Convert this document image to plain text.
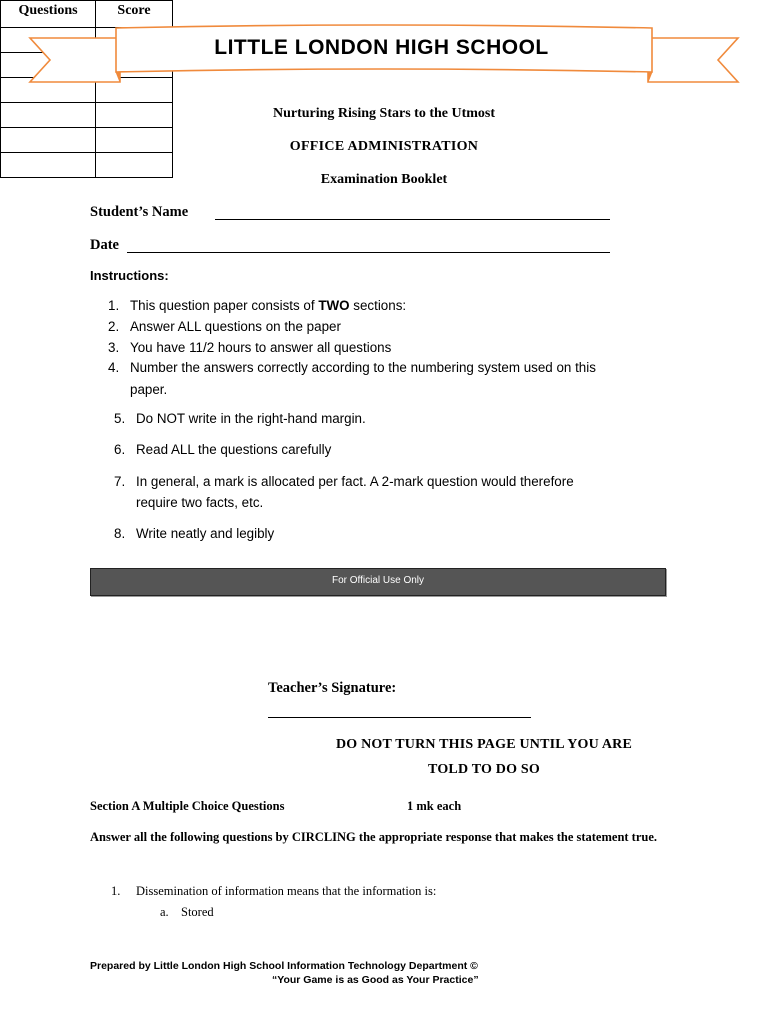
LITTLE LONDON HIGH SCHOOL
Nurturing Rising Stars to the Utmost
OFFICE ADMINISTRATION
Examination Booklet
Student’s Name
Date
Instructions:
1. This question paper consists of TWO sections:
2. Answer ALL questions on the paper
3. You have 11/2 hours to answer all questions
4. Number the answers correctly according to the numbering system used on this
paper.
5. Do NOT write in the right-hand margin.
6. Read ALL the questions carefully
7. In general, a mark is allocated per fact. A 2-mark question would therefore
require two facts, etc.
8. Write neatly and legibly
For Official Use Only
Questions	Score

Teacher’s Signature:
DO NOT TURN THIS PAGE UNTIL YOU ARE
TOLD TO DO SO
Section A Multiple Choice Questions	1 mk each
Answer all the following questions by CIRCLING the appropriate response that makes the statement true.
1. Dissemination of information means that the information is:
a. Stored
Prepared by Little London High School Information Technology Department ©
“Your Game is as Good as Your Practice”
